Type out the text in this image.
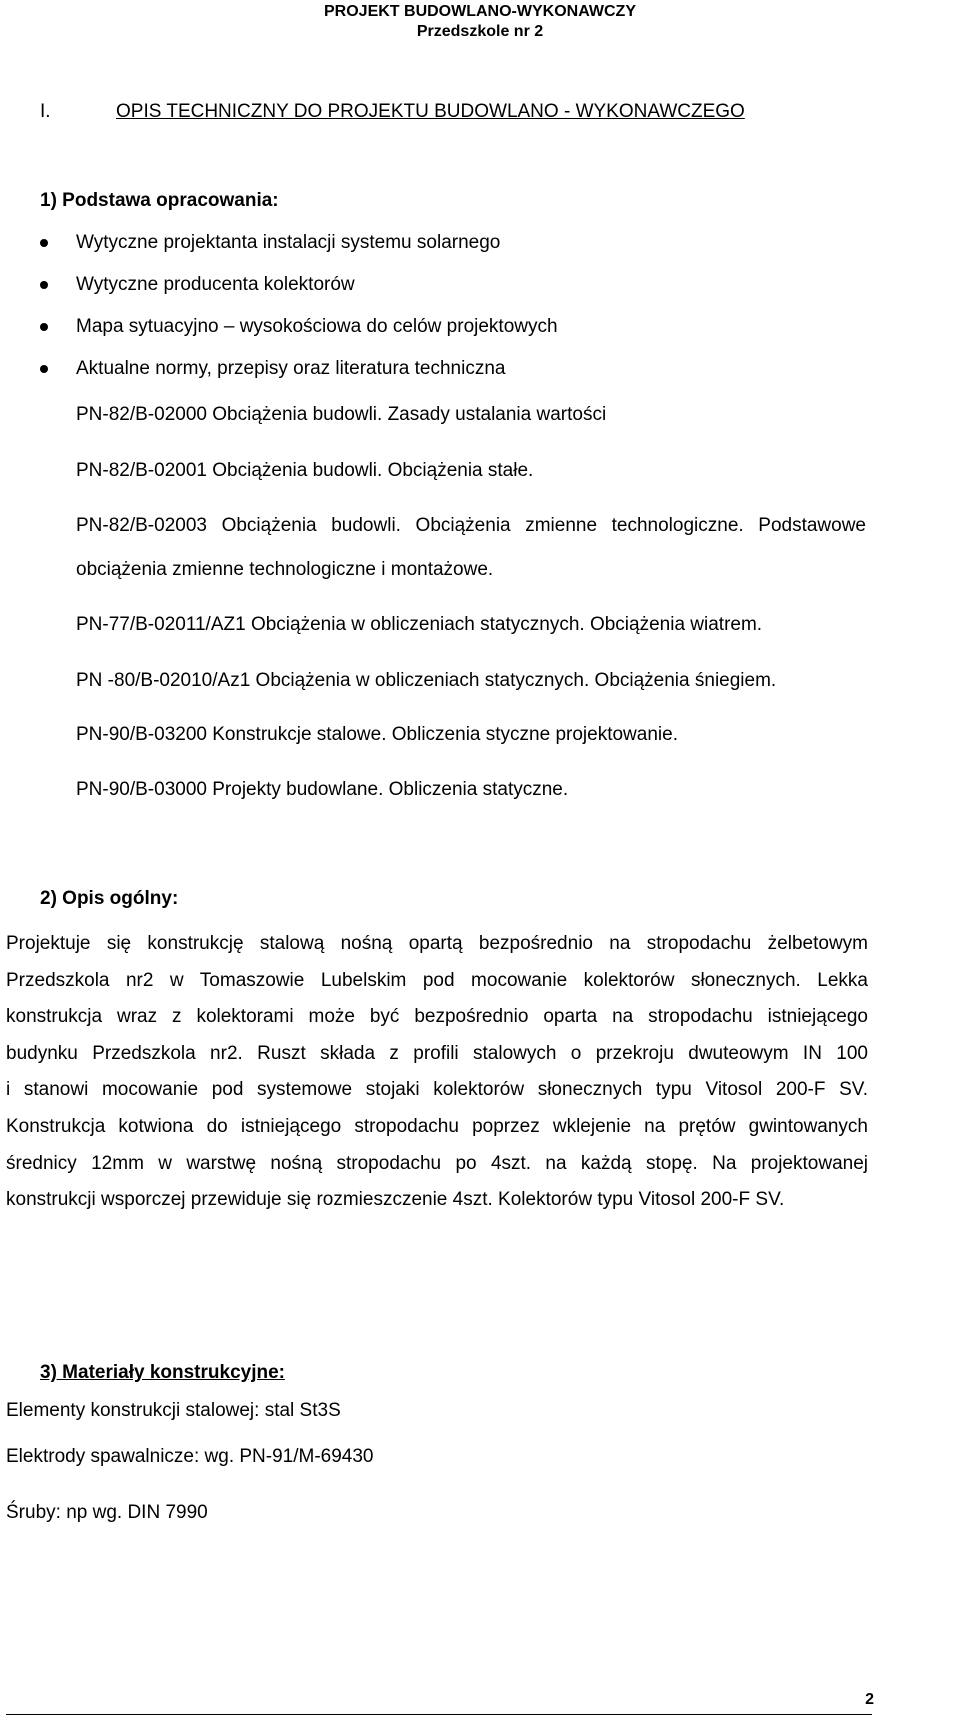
PROJEKT BUDOWLANO-WYKONAWCZY
Przedszkole nr 2
I.	OPIS TECHNICZNY DO PROJEKTU BUDOWLANO - WYKONAWCZEGO
1) Podstawa opracowania:
Wytyczne projektanta instalacji systemu solarnego
Wytyczne producenta kolektorów
Mapa sytuacyjno – wysokościowa do celów projektowych
Aktualne normy, przepisy oraz literatura techniczna
PN-82/B-02000 Obciążenia budowli. Zasady ustalania wartości
PN-82/B-02001 Obciążenia budowli. Obciążenia stałe.
PN-82/B-02003 Obciążenia budowli. Obciążenia zmienne technologiczne. Podstawowe
obciążenia zmienne technologiczne i montażowe.
PN-77/B-02011/AZ1 Obciążenia w obliczeniach statycznych. Obciążenia wiatrem.
PN -80/B-02010/Az1 Obciążenia w obliczeniach statycznych. Obciążenia śniegiem.
PN-90/B-03200 Konstrukcje stalowe. Obliczenia styczne projektowanie.
PN-90/B-03000 Projekty budowlane. Obliczenia statyczne.
2) Opis ogólny:
Projektuje się konstrukcję stalową nośną opartą bezpośrednio na stropodachu żelbetowym
Przedszkola nr2 w Tomaszowie Lubelskim pod mocowanie kolektorów słonecznych. Lekka
konstrukcja wraz z kolektorami może być bezpośrednio oparta na stropodachu istniejącego
budynku Przedszkola nr2. Ruszt składa z profili stalowych o przekroju dwuteowym IN 100
i stanowi mocowanie pod systemowe stojaki kolektorów słonecznych typu Vitosol 200-F SV.
Konstrukcja kotwiona do istniejącego stropodachu poprzez wklejenie na prętów gwintowanych
średnicy 12mm w warstwę nośną stropodachu po 4szt. na każdą stopę. Na projektowanej
konstrukcji wsporczej przewiduje się rozmieszczenie 4szt. Kolektorów typu Vitosol 200-F SV.
3) Materiały konstrukcyjne:
Elementy konstrukcji stalowej: stal St3S
Elektrody spawalnicze: wg. PN-91/M-69430
Śruby: np wg. DIN 7990
2
